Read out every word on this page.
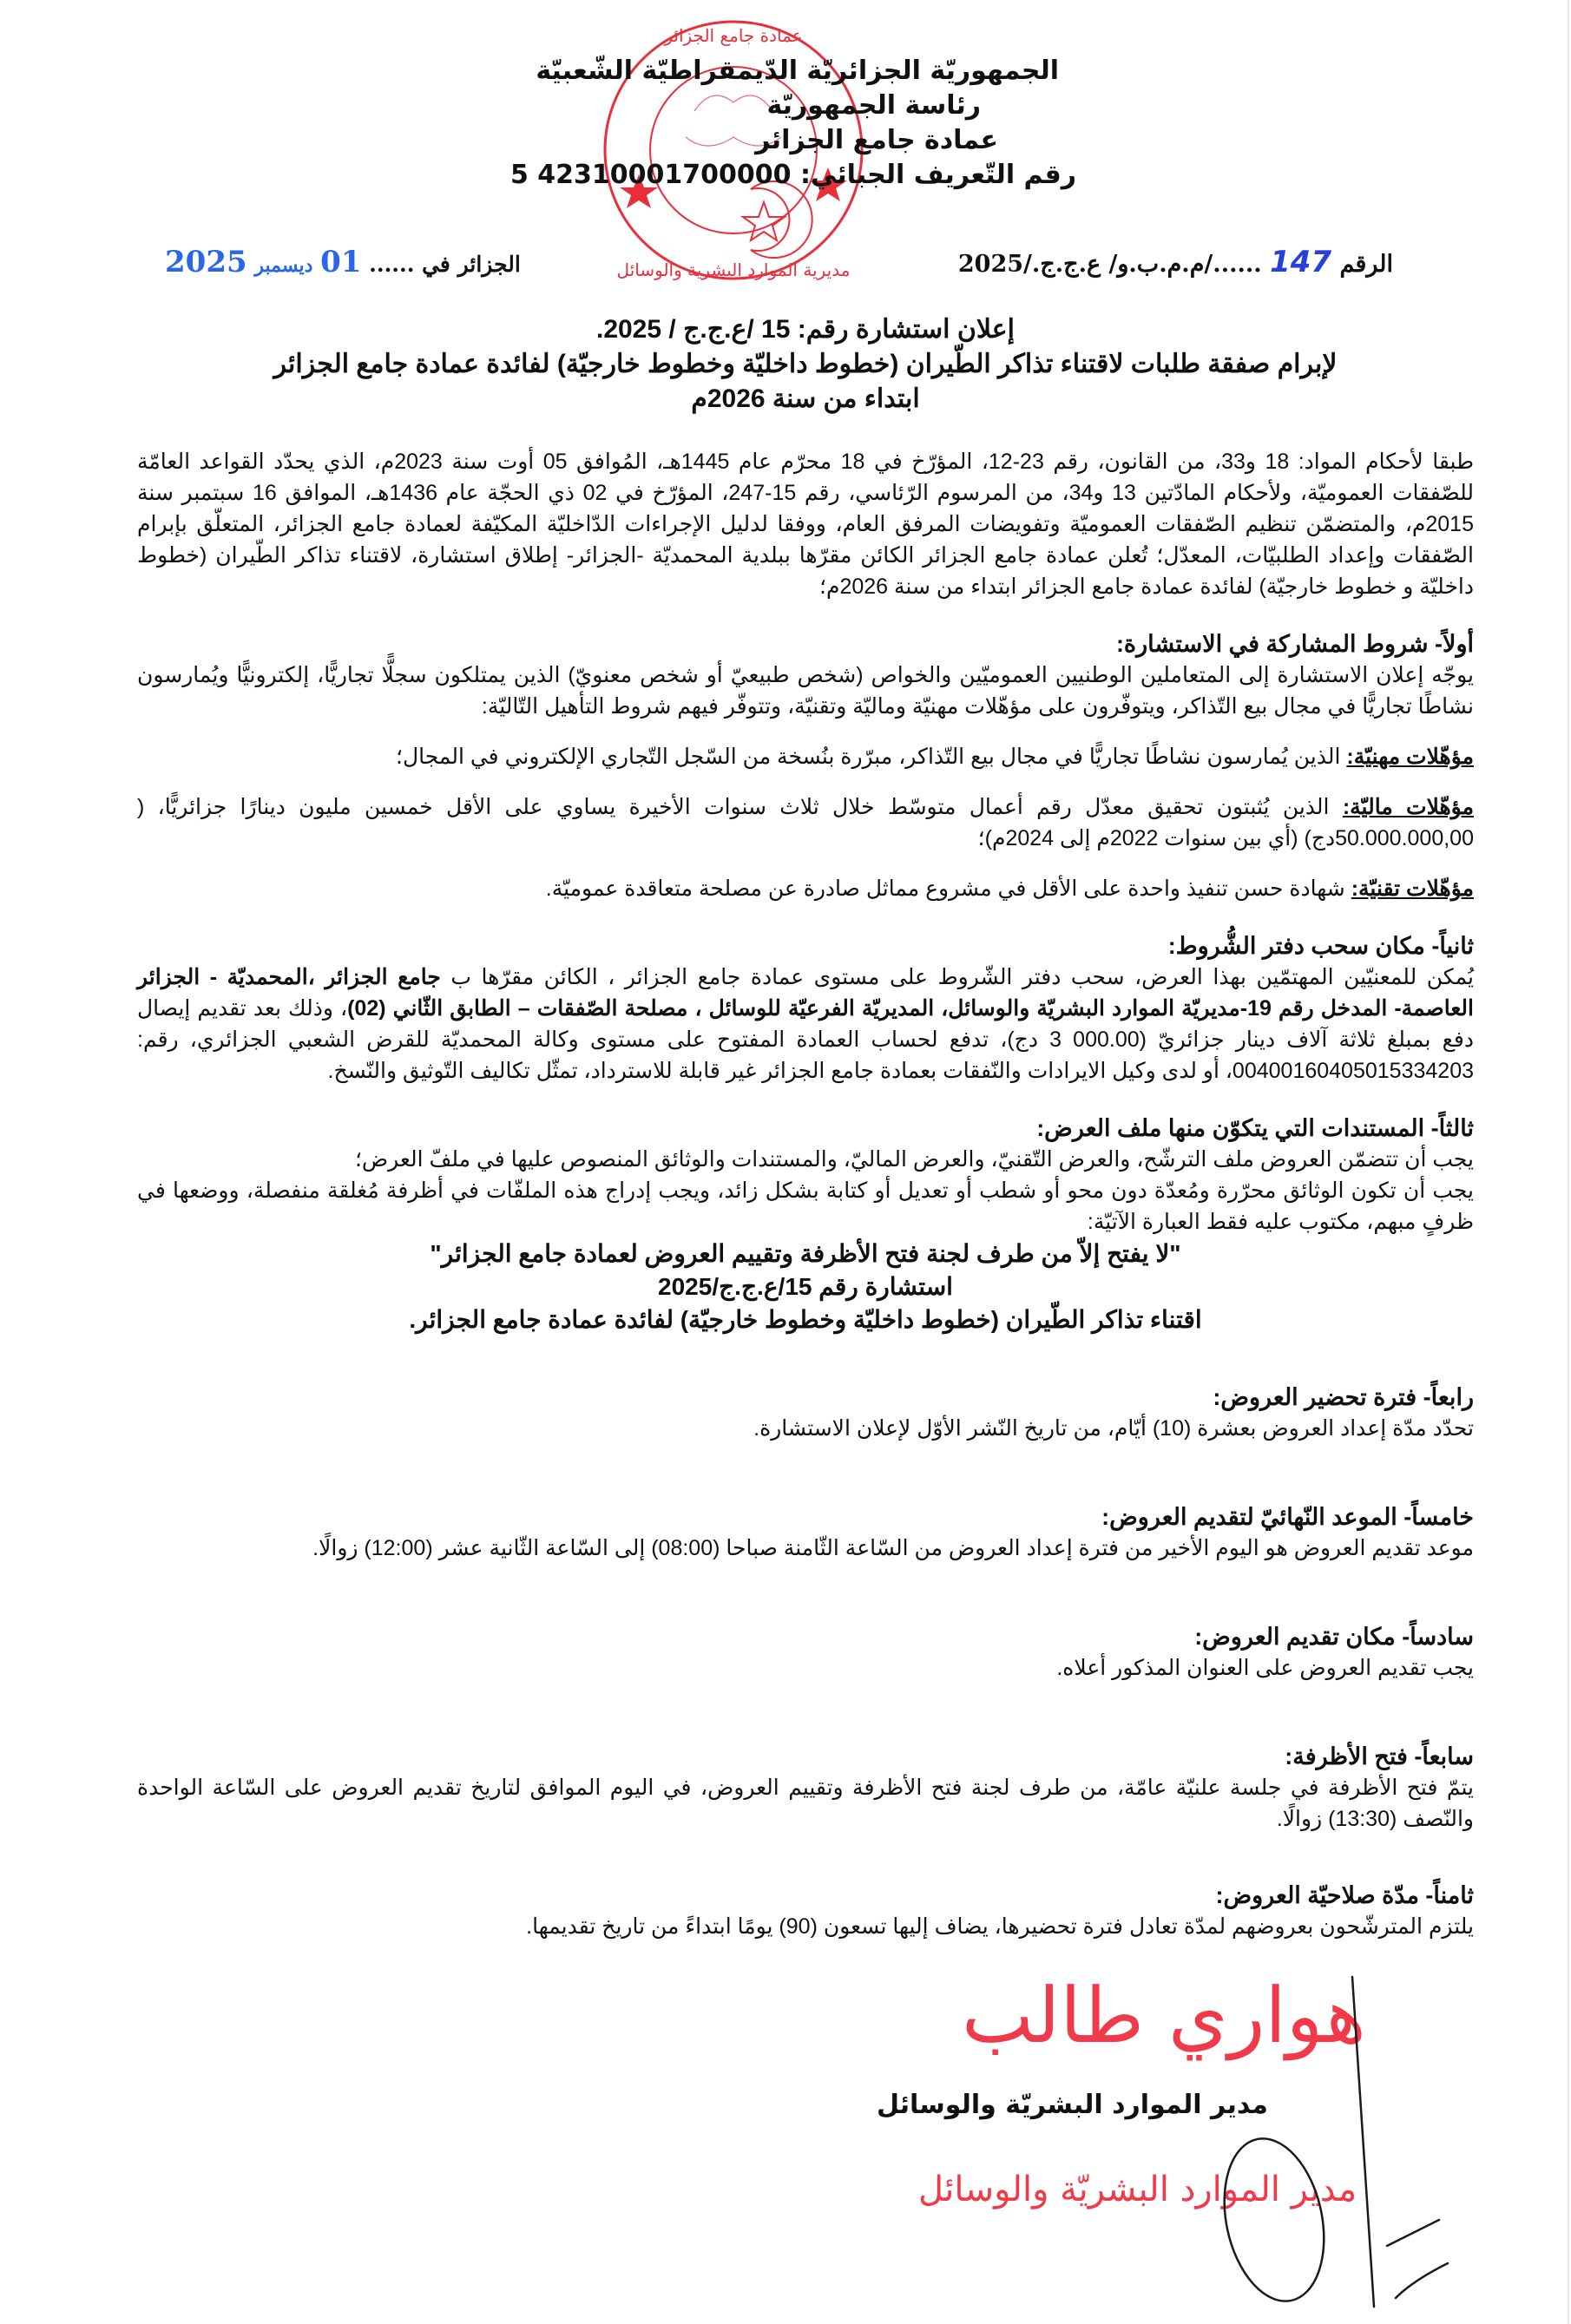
عمادة جامع الجزائر
مديرية الموارد البشرية والوسائل
الجمهوريّة الجزائريّة الدّيمقراطيّة الشّعبيّة
رئاسة الجمهوريّة
عمادة جامع الجزائر
رقم التّعريف الجبائي: 42310001700000 5
الرقم 147 ....../م.م.ب.و/ ع.ج.ج./2025
الجزائر في ...... 01 ديسمبر 2025
إعلان استشارة رقم: 15 /ع.ج.ج / 2025.
لإبرام صفقة طلبات لاقتناء تذاكر الطّيران (خطوط داخليّة وخطوط خارجيّة) لفائدة عمادة جامع الجزائر
ابتداء من سنة 2026م

طبقا لأحكام المواد: 18 و33، من القانون، رقم 23-12، المؤرّخ في 18 محرّم عام 1445هـ، المُوافق 05 أوت سنة 2023م، الذي يحدّد القواعد العامّة للصّفقات العموميّة، ولأحكام المادّتين 13 و34، من المرسوم الرّئاسي، رقم 15-247، المؤرّخ في 02 ذي الحجّة عام 1436هـ، الموافق 16 سبتمبر سنة 2015م، والمتضمّن تنظيم الصّفقات العموميّة وتفويضات المرفق العام، ووفقا لدليل الإجراءات الدّاخليّة المكيّفة لعمادة جامع الجزائر، المتعلّق بإبرام الصّفقات وإعداد الطلبيّات، المعدّل؛ تُعلن عمادة جامع الجزائر الكائن مقرّها ببلدية المحمديّة -الجزائر- إطلاق استشارة، لاقتناء تذاكر الطّيران (خطوط داخليّة و خطوط خارجيّة) لفائدة عمادة جامع الجزائر ابتداء من سنة 2026م؛

أولاً- شروط المشاركة في الاستشارة:

يوجّه إعلان الاستشارة إلى المتعاملين الوطنيين العموميّين والخواص (شخص طبيعيّ أو شخص معنويّ) الذين يمتلكون سجلًّا تجاريًّا، إلكترونيًّا ويُمارسون نشاطًا تجاريًّا في مجال بيع التّذاكر، ويتوفّرون على مؤهّلات مهنيّة وماليّة وتقنيّة، وتتوفّر فيهم شروط التأهيل التّاليّة:

مؤهّلات مهنيّة: الذين يُمارسون نشاطًا تجاريًّا في مجال بيع التّذاكر، مبرّرة بنُسخة من السّجل التّجاري الإلكتروني في المجال؛

مؤهّلات ماليّة: الذين يُثبتون تحقيق معدّل رقم أعمال متوسّط خلال ثلاث سنوات الأخيرة يساوي على الأقل خمسين مليون دينارًا جزائريًّا، ( 50.000.000,00دج) (أي بين سنوات 2022م إلى 2024م)؛

مؤهّلات تقنيّة: شهادة حسن تنفيذ واحدة على الأقل في مشروع مماثل صادرة عن مصلحة متعاقدة عموميّة.

ثانياً- مكان سحب دفتر الشُّروط:

يُمكن للمعنيّين المهتمّين بهذا العرض، سحب دفتر الشّروط على مستوى عمادة جامع الجزائر ، الكائن مقرّها ب جامع الجزائر ،المحمديّة - الجزائر العاصمة- المدخل رقم 19-مديريّة الموارد البشريّة والوسائل، المديريّة الفرعيّة للوسائل ، مصلحة الصّفقات – الطابق الثّاني (02)، وذلك بعد تقديم إيصال دفع بمبلغ ثلاثة آلاف دينار جزائريّ (000.00 3 دج)، تدفع لحساب العمادة المفتوح على مستوى وكالة المحمديّة للقرض الشعبي الجزائري، رقم: 00400160405015334203، أو لدى وكيل الايرادات والنّفقات بعمادة جامع الجزائر غير قابلة للاسترداد، تمثّل تكاليف التّوثيق والنّسخ.

ثالثاً- المستندات التي يتكوّن منها ملف العرض:

يجب أن تتضمّن العروض ملف الترشّح، والعرض التّقنيّ، والعرض الماليّ، والمستندات والوثائق المنصوص عليها في ملفّ العرض؛

يجب أن تكون الوثائق محرّرة ومُعدّة دون محو أو شطب أو تعديل أو كتابة بشكل زائد، ويجب إدراج هذه الملفّات في أظرفة مُغلقة منفصلة، ووضعها في ظرفٍ مبهم، مكتوب عليه فقط العبارة الآتيّة:

"لا يفتح إلاّ من طرف لجنة فتح الأظرفة وتقييم العروض لعمادة جامع الجزائر"

استشارة رقم 15/ع.ج.ج/2025

اقتناء تذاكر الطّيران (خطوط داخليّة وخطوط خارجيّة) لفائدة عمادة جامع الجزائر.

رابعاً- فترة تحضير العروض:

تحدّد مدّة إعداد العروض بعشرة (10) أيّام، من تاريخ النّشر الأوّل لإعلان الاستشارة.

خامساً- الموعد النّهائيّ لتقديم العروض:

موعد تقديم العروض هو اليوم الأخير من فترة إعداد العروض من السّاعة الثّامنة صباحا (08:00) إلى السّاعة الثّانية عشر (12:00) زوالًا.

سادساً- مكان تقديم العروض:

يجب تقديم العروض على العنوان المذكور أعلاه.

سابعاً- فتح الأظرفة:

يتمّ فتح الأظرفة في جلسة علنيّة عامّة، من طرف لجنة فتح الأظرفة وتقييم العروض، في اليوم الموافق لتاريخ تقديم العروض على السّاعة الواحدة والنّصف (13:30) زوالًا.

ثامناً- مدّة صلاحيّة العروض:

يلتزم المترشّحون بعروضهم لمدّة تعادل فترة تحضيرها، يضاف إليها تسعون (90) يومًا ابتداءً من تاريخ تقديمها.

هواري طالب
مدير الموارد البشريّة والوسائل
مدير الموارد البشريّة والوسائل
